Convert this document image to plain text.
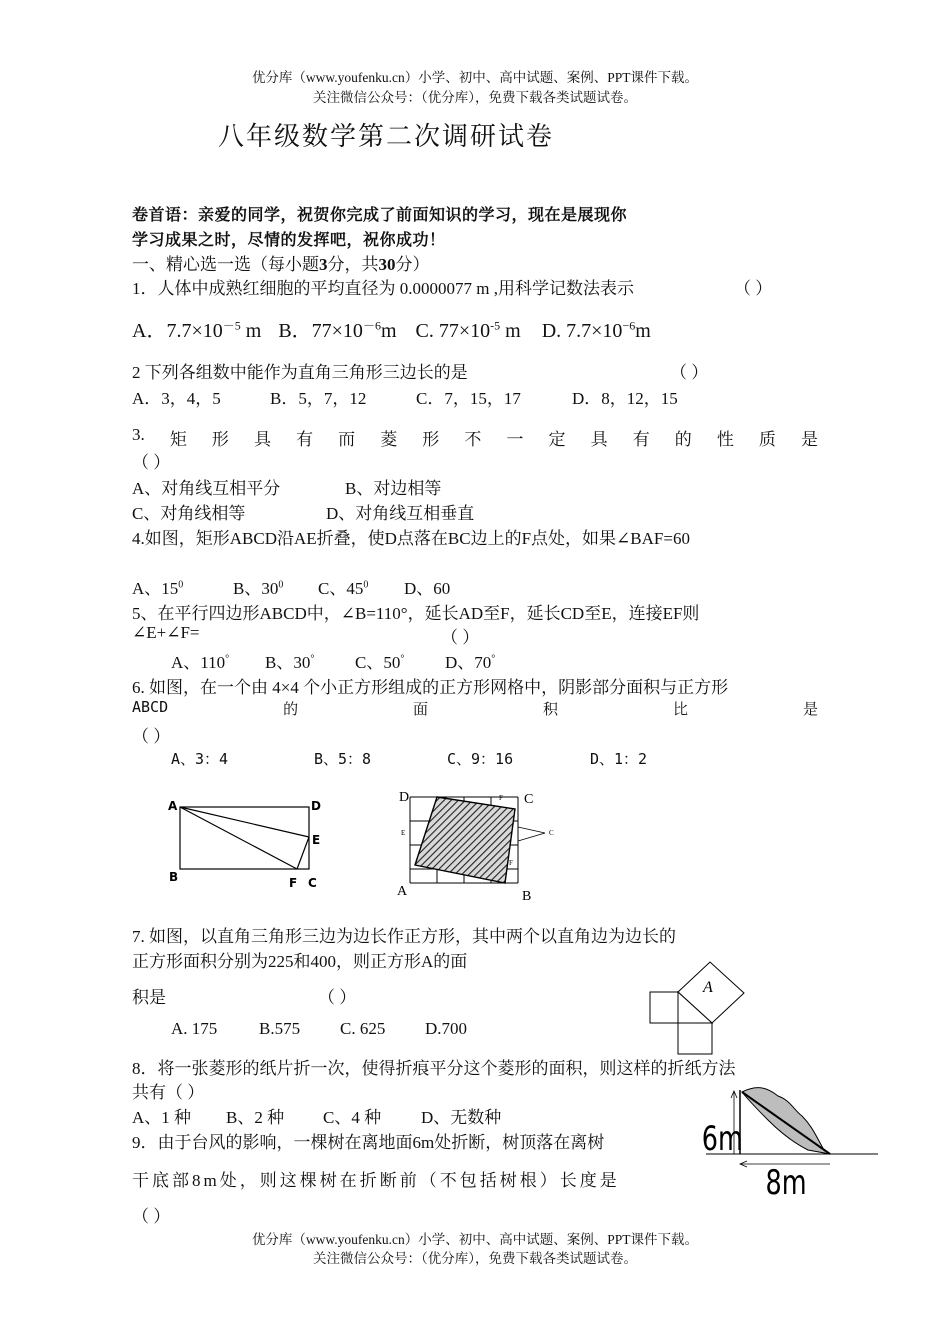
优分库（www.youfenku.cn）小学、初中、高中试题、案例、PPT课件下载。
关注微信公众号：（优分库），免费下载各类试题试卷。
八年级数学第二次调研试卷
卷首语：亲爱的同学，祝贺你完成了前面知识的学习，现在是展现你
学习成果之时，尽情的发挥吧，祝你成功！
一、精心选一选（每小题3分，共30分）
1．人体中成熟红细胞的平均直径为 0.0000077 m ,用科学记数法表示	（ ）
A．$7.7\times 10^{-5}$ m B．$77\times 10^{-6}m$ C. $77\times 10^{-5}$ m D. $7.7\times 10^{-6}m$
2 下列各组数中能作为直角三角形三边长的是	（ ）
A．3，4，5	B．5，7，12	C．7，15，17	D．8，12，15
3. 矩 形 具 有 而 菱 形 不 一 定 具 有 的 性 质 是
（ ）
A、对角线互相平分	B、对边相等
C、对角线相等	D、对角线互相垂直
4.如图，矩形ABCD沿AE折叠，使D点落在BC边上的F点处，如果∠BAF=60
A、$15^0$	B、$30^0$ C、$45^0$ D、60
5、在平行四边形ABCD中，∠B=110°，延长AD至F，延长CD至E，连接EF则
∠E+∠F=	（ ）
A、110° B、30° C、50° D、70°
6. 如图，在一个由 4×4 个小正方形组成的正方形网格中，阴影部分面积与正方形
ABCD	的	面	积	比	是
（ ）
A、3：4	B、5：8	C、9：16	D、1：2
A	D
E
B	F C
D	C
A	B
E
F
C
F
7. 如图，以直角三角形三边为边长作正方形，其中两个以直角边为边长的
正方形面积分别为225和400，则正方形A的面
积是	（ ）
A. 175 B.575 C. 625 D.700
A
8．将一张菱形的纸片折一次，使得折痕平分这个菱形的面积，则这样的折纸方法
共有（ ）
A、1 种 B、2 种 C、4 种 D、无数种
9．由于台风的影响，一棵树在离地面6m处折断，树顶落在离树
干底部8m处，则这棵树在折断前（不包括树根）长度是
（ ）
6m
8m
优分库（www.youfenku.cn）小学、初中、高中试题、案例、PPT课件下载。
关注微信公众号：（优分库），免费下载各类试题试卷。
